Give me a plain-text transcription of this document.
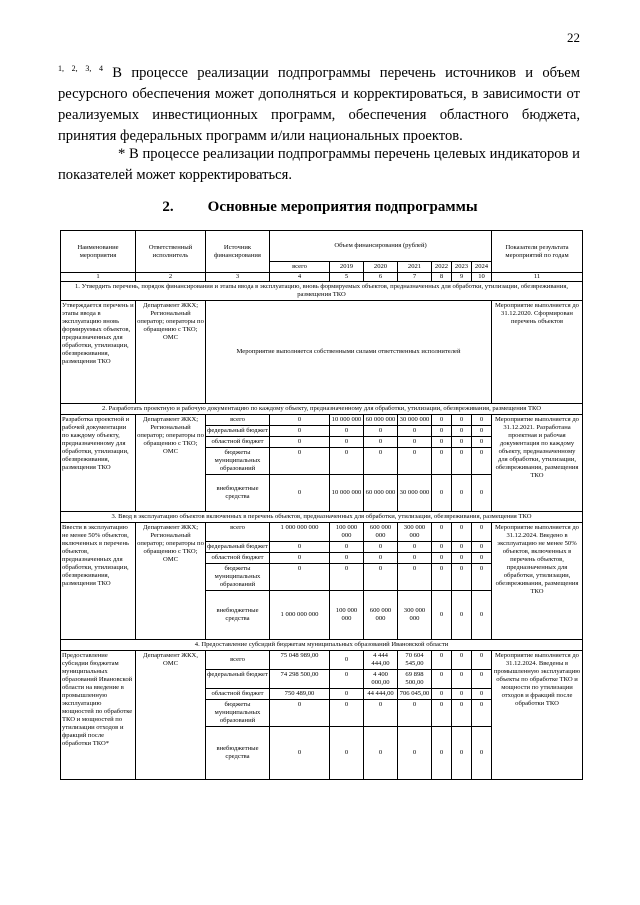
22
$^{1, 2, 3, 4}$ В процессе реализации подпрограммы перечень источников и объем ресурсного обеспечения может дополняться и корректироваться, в зависимости от реализуемых инвестиционных программ, обеспечения областного бюджета, принятия федеральных программ и/или национальных проектов.
* В процессе реализации подпрограммы перечень целевых индикаторов и показателей может корректироваться.
2. Основные мероприятия подпрограммы
Наименование мероприятия	Ответственный исполнитель	Источник финансирования	Объем финансирования (рублей)							Показатели результата мероприятий по годам
			всего	2019	2020	2021	2022	2023	2024	
1	2	3	4	5	6	7	8	9	10	11
1. Утвердить перечень, порядок финансирования и этапы ввода в эксплуатацию, вновь формируемых объектов, предназначенных для обработки, утилизации, обезвреживания, размещения ТКО										
Утверждается перечень и этапы ввода в эксплуатацию вновь формируемых объектов, предназначенных для обработки, утилизации, обезвреживания, размещения ТКО	Департамент ЖКХ; Региональный оператор; операторы по обращению с ТКО; ОМС	Мероприятие выполняется собственными силами ответственных исполнителей								Мероприятие выполняется до 31.12.2020. Сформирован перечень объектов
2. Разработать проектную и рабочую документацию по каждому объекту, предназначенному для обработки, утилизации, обезвреживания, размещения ТКО										
Разработка проектной и рабочей документации по каждому объекту, предназначенному для обработки, утилизации, обезвреживания, размещения ТКО	Департамент ЖКХ; Региональный оператор; операторы по обращению с ТКО; ОМС	всего	0	10 000 000	60 000 000	30 000 000	0	0	0	Мероприятие выполняется до 31.12.2021. Разработана проектная и рабочая документация по каждому объекту, предназначенному для обработки, утилизации, обезвреживания, размещения ТКО
		федеральный бюджет	0	0	0	0	0	0	0	
		областной бюджет	0	0	0	0	0	0	0	
		бюджеты муниципальных образований	0	0	0	0	0	0	0	
		внебюджетные средства	0	10 000 000	60 000 000	30 000 000	0	0	0	
3. Ввод в эксплуатацию объектов включенных в перечень объектов, предназначенных для обработки, утилизации, обезвреживания, размещения ТКО										
Ввести в эксплуатацию не менее 50% объектов, включенных в перечень объектов, предназначенных для обработки, утилизации, обезвреживания, размещения ТКО	Департамент ЖКХ; Региональный оператор; операторы по обращению с ТКО; ОМС	всего	1 000 000 000	100 000 000	600 000 000	300 000 000	0	0	0	Мероприятие выполняется до 31.12.2024. Введено в эксплуатацию не менее 50% объектов, включенных в перечень объектов, предназначенных для обработки, утилизации, обезвреживания, размещения ТКО
		федеральный бюджет	0	0	0	0	0	0	0	
		областной бюджет	0	0	0	0	0	0	0	
		бюджеты муниципальных образований	0	0	0	0	0	0	0	
		внебюджетные средства	1 000 000 000	100 000 000	600 000 000	300 000 000	0	0	0	
4. Предоставление субсидий бюджетам муниципальных образований Ивановской области										
Предоставление субсидии бюджетам муниципальных образований Ивановской области на введение в промышленную эксплуатацию мощностей по обработке ТКО и мощностей по утилизации отходов и фракций после обработки ТКО*	Департамент ЖКХ, ОМС	всего	75 048 989,00	0	4 444 444,00	70 604 545,00	0	0	0	Мероприятие выполняется до 31.12.2024. Введены в промышленную эксплуатацию объекты по обработке ТКО и мощности по утилизации отходов и фракций после обработки ТКО
		федеральный бюджет	74 298 500,00	0	4 400 000,00	69 898 500,00	0	0	0	
		областной бюджет	750 489,00	0	44 444,00	706 045,00	0	0	0	
		бюджеты муниципальных образований	0	0	0	0	0	0	0	
		внебюджетные средства	0	0	0	0	0	0	0	
